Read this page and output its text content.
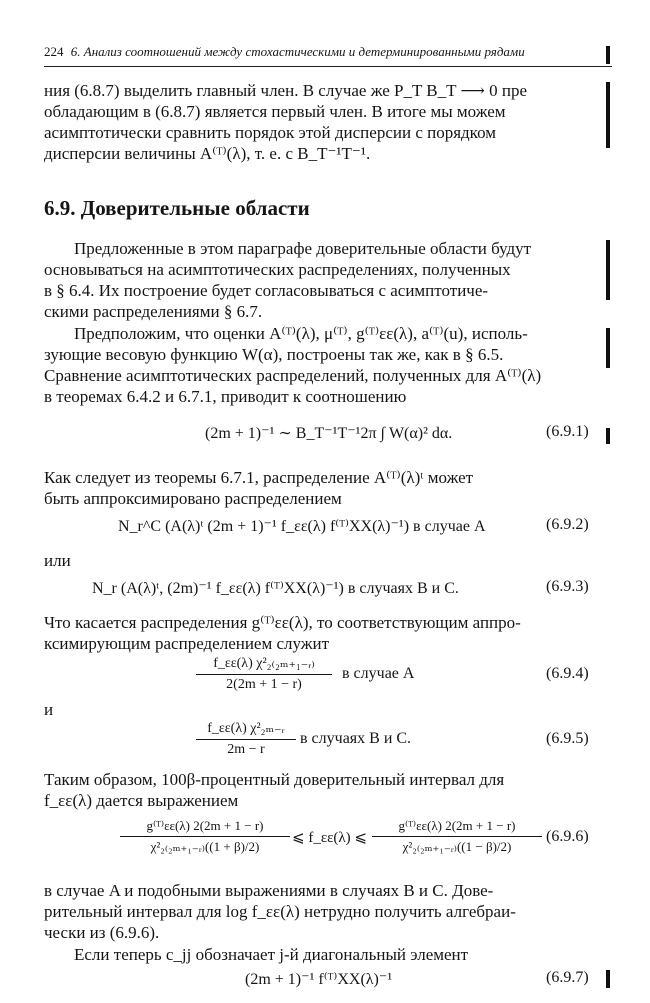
224 6. Анализ соотношений между стохастическими и детерминированными рядами
ния (6.8.7) выделить главный член. В случае же P_T B_T ⟶ 0 пре
обладающим в (6.8.7) является первый член. В итоге мы можем
асимптотически сравнить порядок этой дисперсии с порядком
дисперсии величины A⁽ᵀ⁾(λ), т. е. с B_T⁻¹T⁻¹.
6.9. Доверительные области
Предложенные в этом параграфе доверительные области будут
основываться на асимптотических распределениях, полученных
в § 6.4. Их построение будет согласовываться с асимптотиче-
скими распределениями § 6.7.
Предположим, что оценки A⁽ᵀ⁾(λ), μ⁽ᵀ⁾, g⁽ᵀ⁾εε(λ), a⁽ᵀ⁾(u), исполь-
зующие весовую функцию W(α), построены так же, как в § 6.5.
Сравнение асимптотических распределений, полученных для A⁽ᵀ⁾(λ)
в теоремах 6.4.2 и 6.7.1, приводит к соотношению
(2m + 1)⁻¹ ∼ B_T⁻¹T⁻¹2π ∫ W(α)² dα.	(6.9.1)
Как следует из теоремы 6.7.1, распределение A⁽ᵀ⁾(λ)ᵗ может
быть аппроксимировано распределением
N_r^C (A(λ)ᵗ (2m + 1)⁻¹ f_εε(λ) f⁽ᵀ⁾XX(λ)⁻¹) в случае A	(6.9.2)
или
N_r (A(λ)ᵗ, (2m)⁻¹ f_εε(λ) f⁽ᵀ⁾XX(λ)⁻¹) в случаях B и C.	(6.9.3)
Что касается распределения g⁽ᵀ⁾εε(λ), то соответствующим аппро-
ксимирующим распределением служит
$\frac{\text{f\_εε(λ) χ²₂₍₂ₘ₊₁₋ᵣ₎}}{2(2m + 1 - r)}$ в случае A	(6.9.4)
и
$\frac{\text{f\_εε(λ) χ²₂ₘ₋ᵣ}}{2m - r}$ в случаях B и C.	(6.9.5)
Таким образом, 100β-процентный доверительный интервал для
f_εε(λ) дается выражением
$\frac{\text{g⁽ᵀ⁾εε(λ) 2(2m + 1 − r)}}{\text{χ²₂₍₂ₘ₊₁₋ᵣ₎((1 + β)/2)}}$ ⩽ f_εε(λ) ⩽ $\frac{\text{g⁽ᵀ⁾εε(λ) 2(2m + 1 − r)}}{\text{χ²₂₍₂ₘ₊₁₋ᵣ₎((1 − β)/2)}} (6.9.6)$
в случае A и подобными выражениями в случаях B и C. Дове-
рительный интервал для log f_εε(λ) нетрудно получить алгебраи-
чески из (6.9.6).
Если теперь c_jj обозначает j-й диагональный элемент
(2m + 1)⁻¹ f⁽ᵀ⁾XX(λ)⁻¹	(6.9.7)
